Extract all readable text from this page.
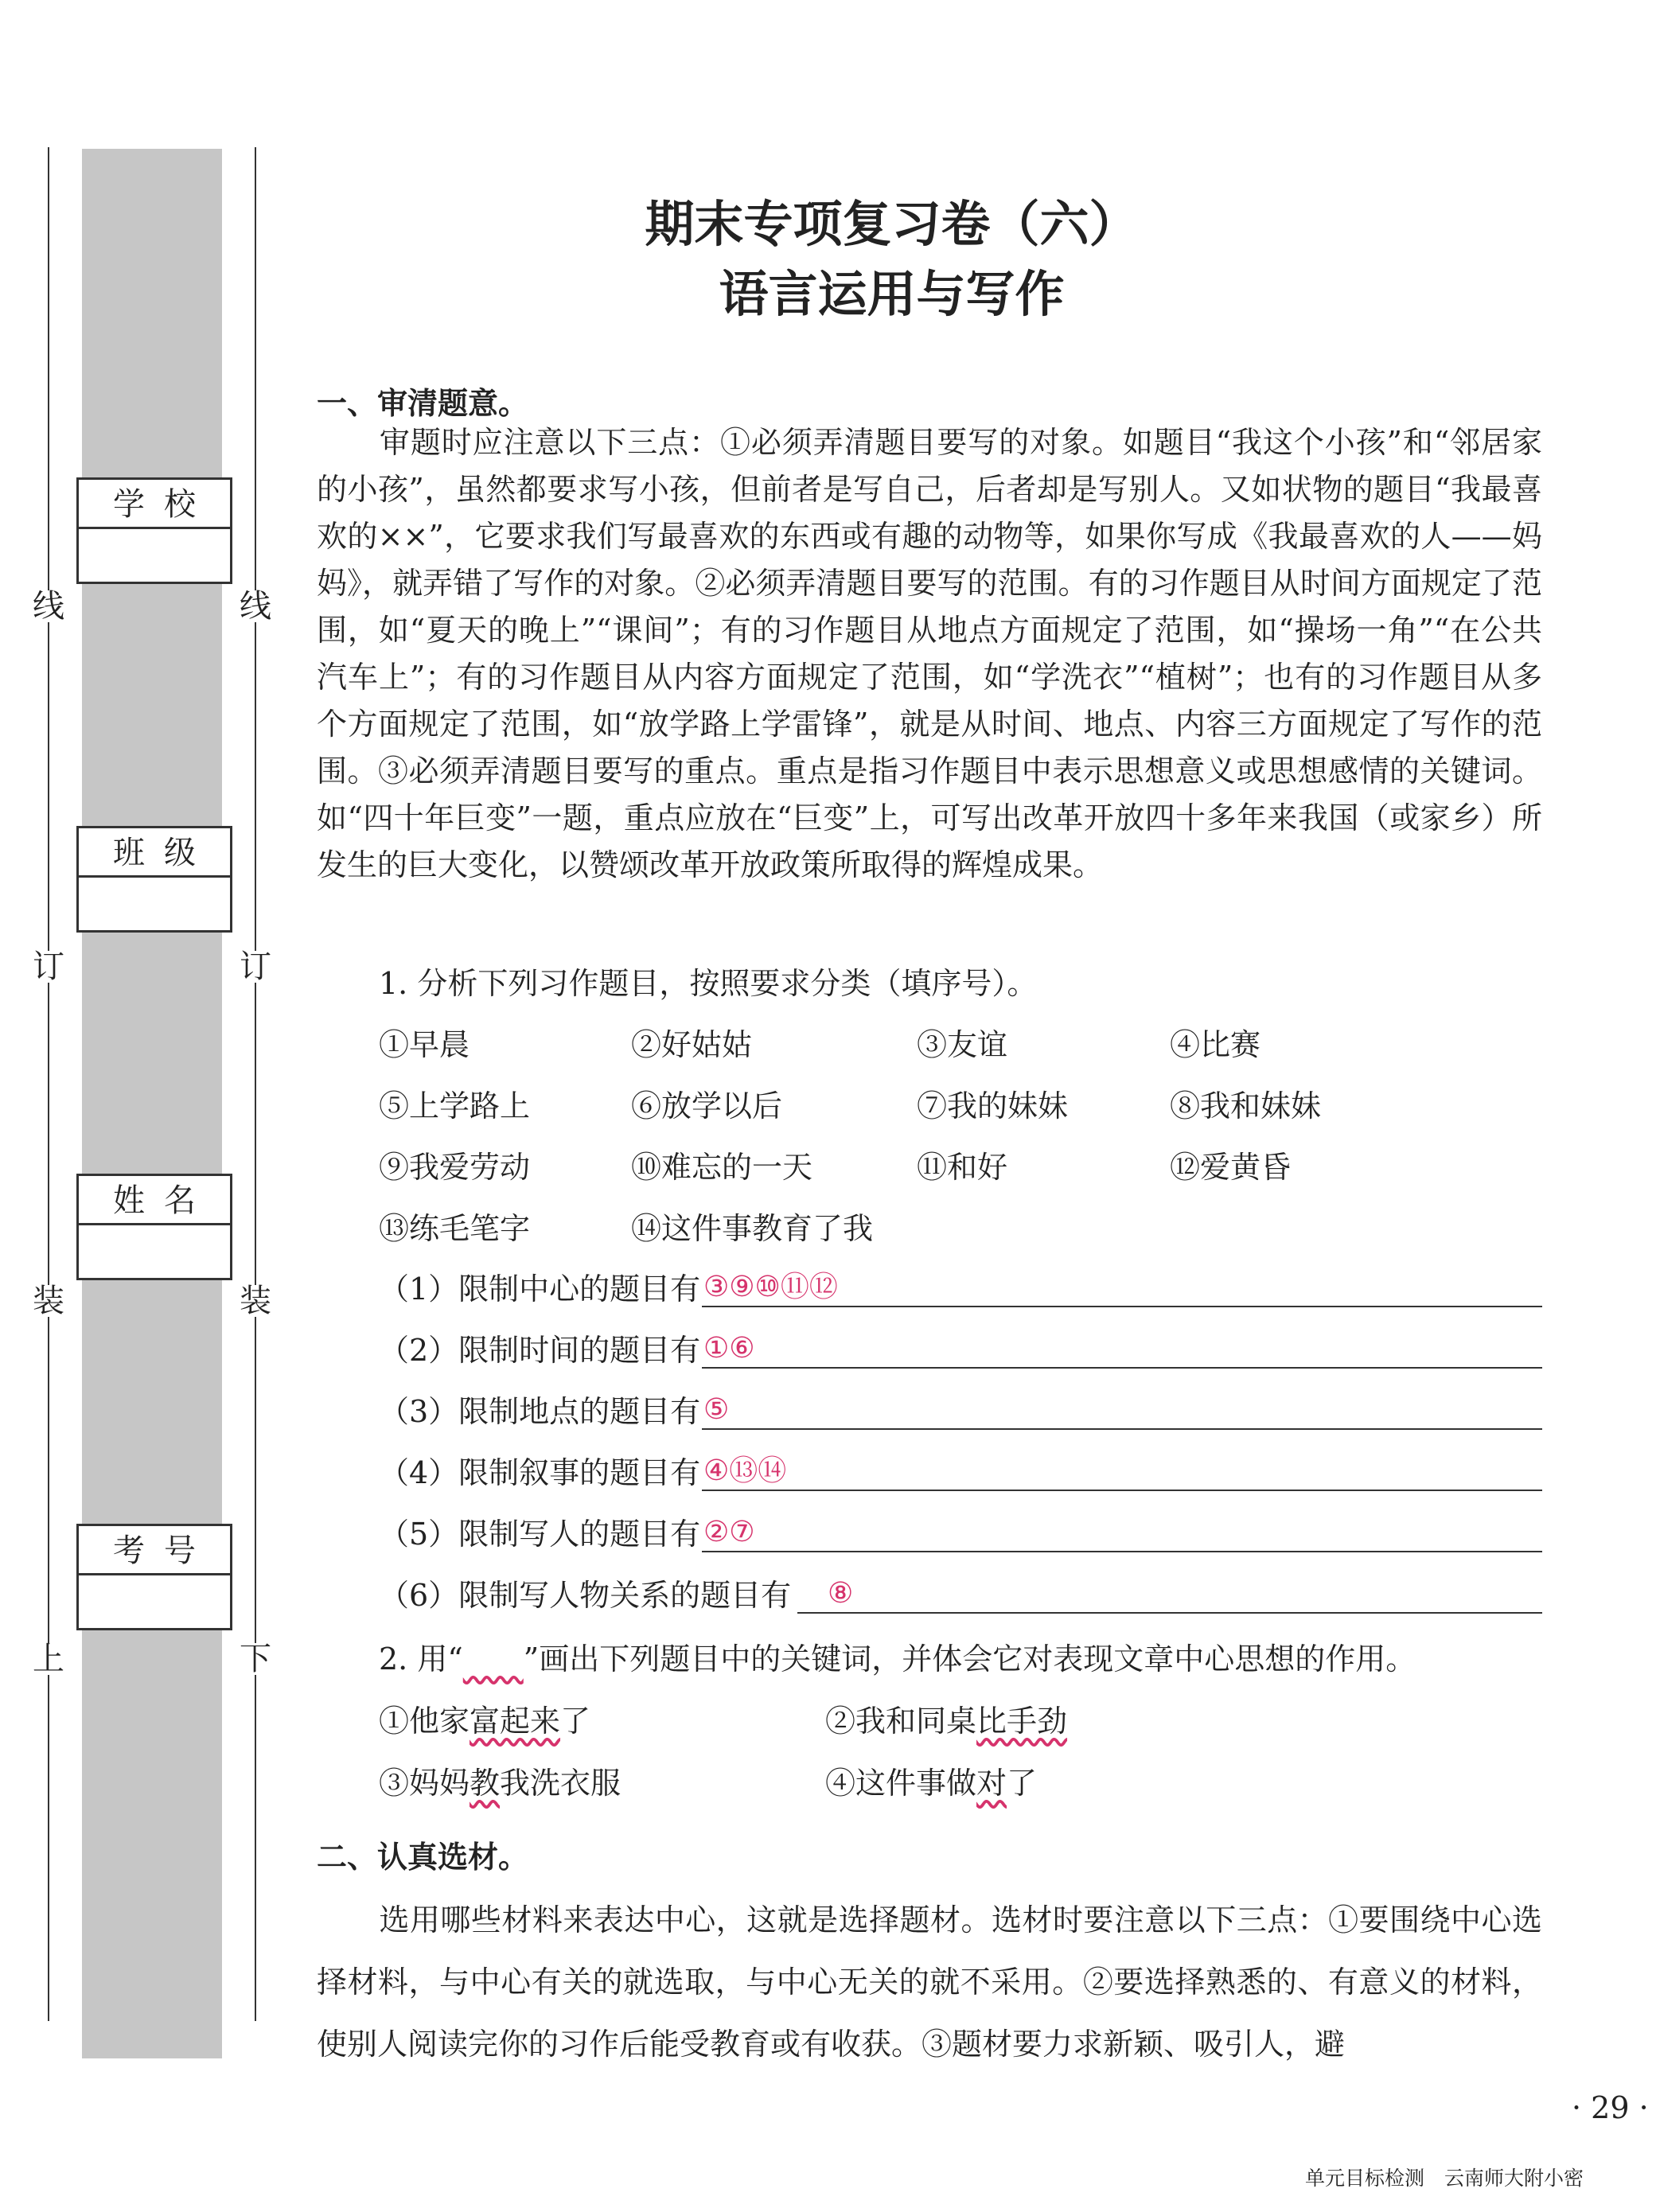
线	线
订	订
装	装
上	下
学校
班级
姓名
考号
期末专项复习卷（六）
语言运用与写作
一、审清题意。
审题时应注意以下三点：①必须弄清题目要写的对象。如题目“我这个小孩”和“邻居家的小孩”，虽然都要求写小孩，但前者是写自己，后者却是写别人。又如状物的题目“我最喜欢的××”，它要求我们写最喜欢的东西或有趣的动物等，如果你写成《我最喜欢的人——妈妈》，就弄错了写作的对象。②必须弄清题目要写的范围。有的习作题目从时间方面规定了范围，如“夏天的晚上”“课间”；有的习作题目从地点方面规定了范围，如“操场一角”“在公共汽车上”；有的习作题目从内容方面规定了范围，如“学洗衣”“植树”；也有的习作题目从多个方面规定了范围，如“放学路上学雷锋”，就是从时间、地点、内容三方面规定了写作的范围。③必须弄清题目要写的重点。重点是指习作题目中表示思想意义或思想感情的关键词。如“四十年巨变”一题，重点应放在“巨变”上，可写出改革开放四十多年来我国（或家乡）所发生的巨大变化，以赞颂改革开放政策所取得的辉煌成果。
1. 分析下列习作题目，按照要求分类（填序号）。
①早晨	②好姑姑	③友谊	④比赛
⑤上学路上	⑥放学以后	⑦我的妹妹	⑧我和妹妹
⑨我爱劳动	⑩难忘的一天	⑪和好	⑫爱黄昏
⑬练毛笔字	⑭这件事教育了我
（1）限制中心的题目有 ③⑨⑩⑪⑫
（2）限制时间的题目有 ①⑥
（3）限制地点的题目有 ⑤
（4）限制叙事的题目有 ④⑬⑭
（5）限制写人的题目有 ②⑦
（6）限制写人物关系的题目有 ⑧
2. 用“　　 ”画出下列题目中的关键词，并体会它对表现文章中心思想的作用。
①他家富起来了	②我和同桌比手劲
③妈妈教我洗衣服	④这件事做对了
二、认真选材。
选用哪些材料来表达中心，这就是选择题材。选材时要注意以下三点：①要围绕中心选择材料，与中心有关的就选取，与中心无关的就不采用。②要选择熟悉的、有意义的材料，使别人阅读完你的习作后能受教育或有收获。③题材要力求新颖、吸引人，避
· 29 ·
单元目标检测　云南师大附小密
